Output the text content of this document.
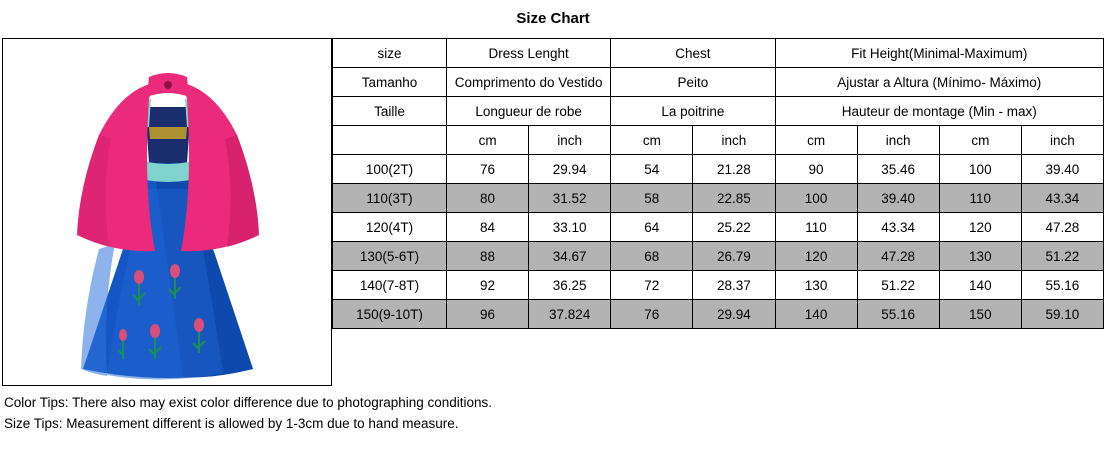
Size Chart
size	Dress Lenght		Chest		Fit Height(Minimal-Maximum)			
Tamanho	Comprimento do Vestido		Peito		Ajustar a Altura (Mínimo- Máximo)			
Taille	Longueur de robe		La poitrine		Hauteur de montage (Min - max)			
	cm	inch	cm	inch	cm	inch	cm	inch
100(2T)	76	29.94	54	21.28	90	35.46	100	39.40
110(3T)	80	31.52	58	22.85	100	39.40	110	43.34
120(4T)	84	33.10	64	25.22	110	43.34	120	47.28
130(5-6T)	88	34.67	68	26.79	120	47.28	130	51.22
140(7-8T)	92	36.25	72	28.37	130	51.22	140	55.16
150(9-10T)	96	37.824	76	29.94	140	55.16	150	59.10
Color Tips: There also may exist color difference due to photographing conditions.
Size Tips: Measurement different is allowed by 1-3cm due to hand measure.
